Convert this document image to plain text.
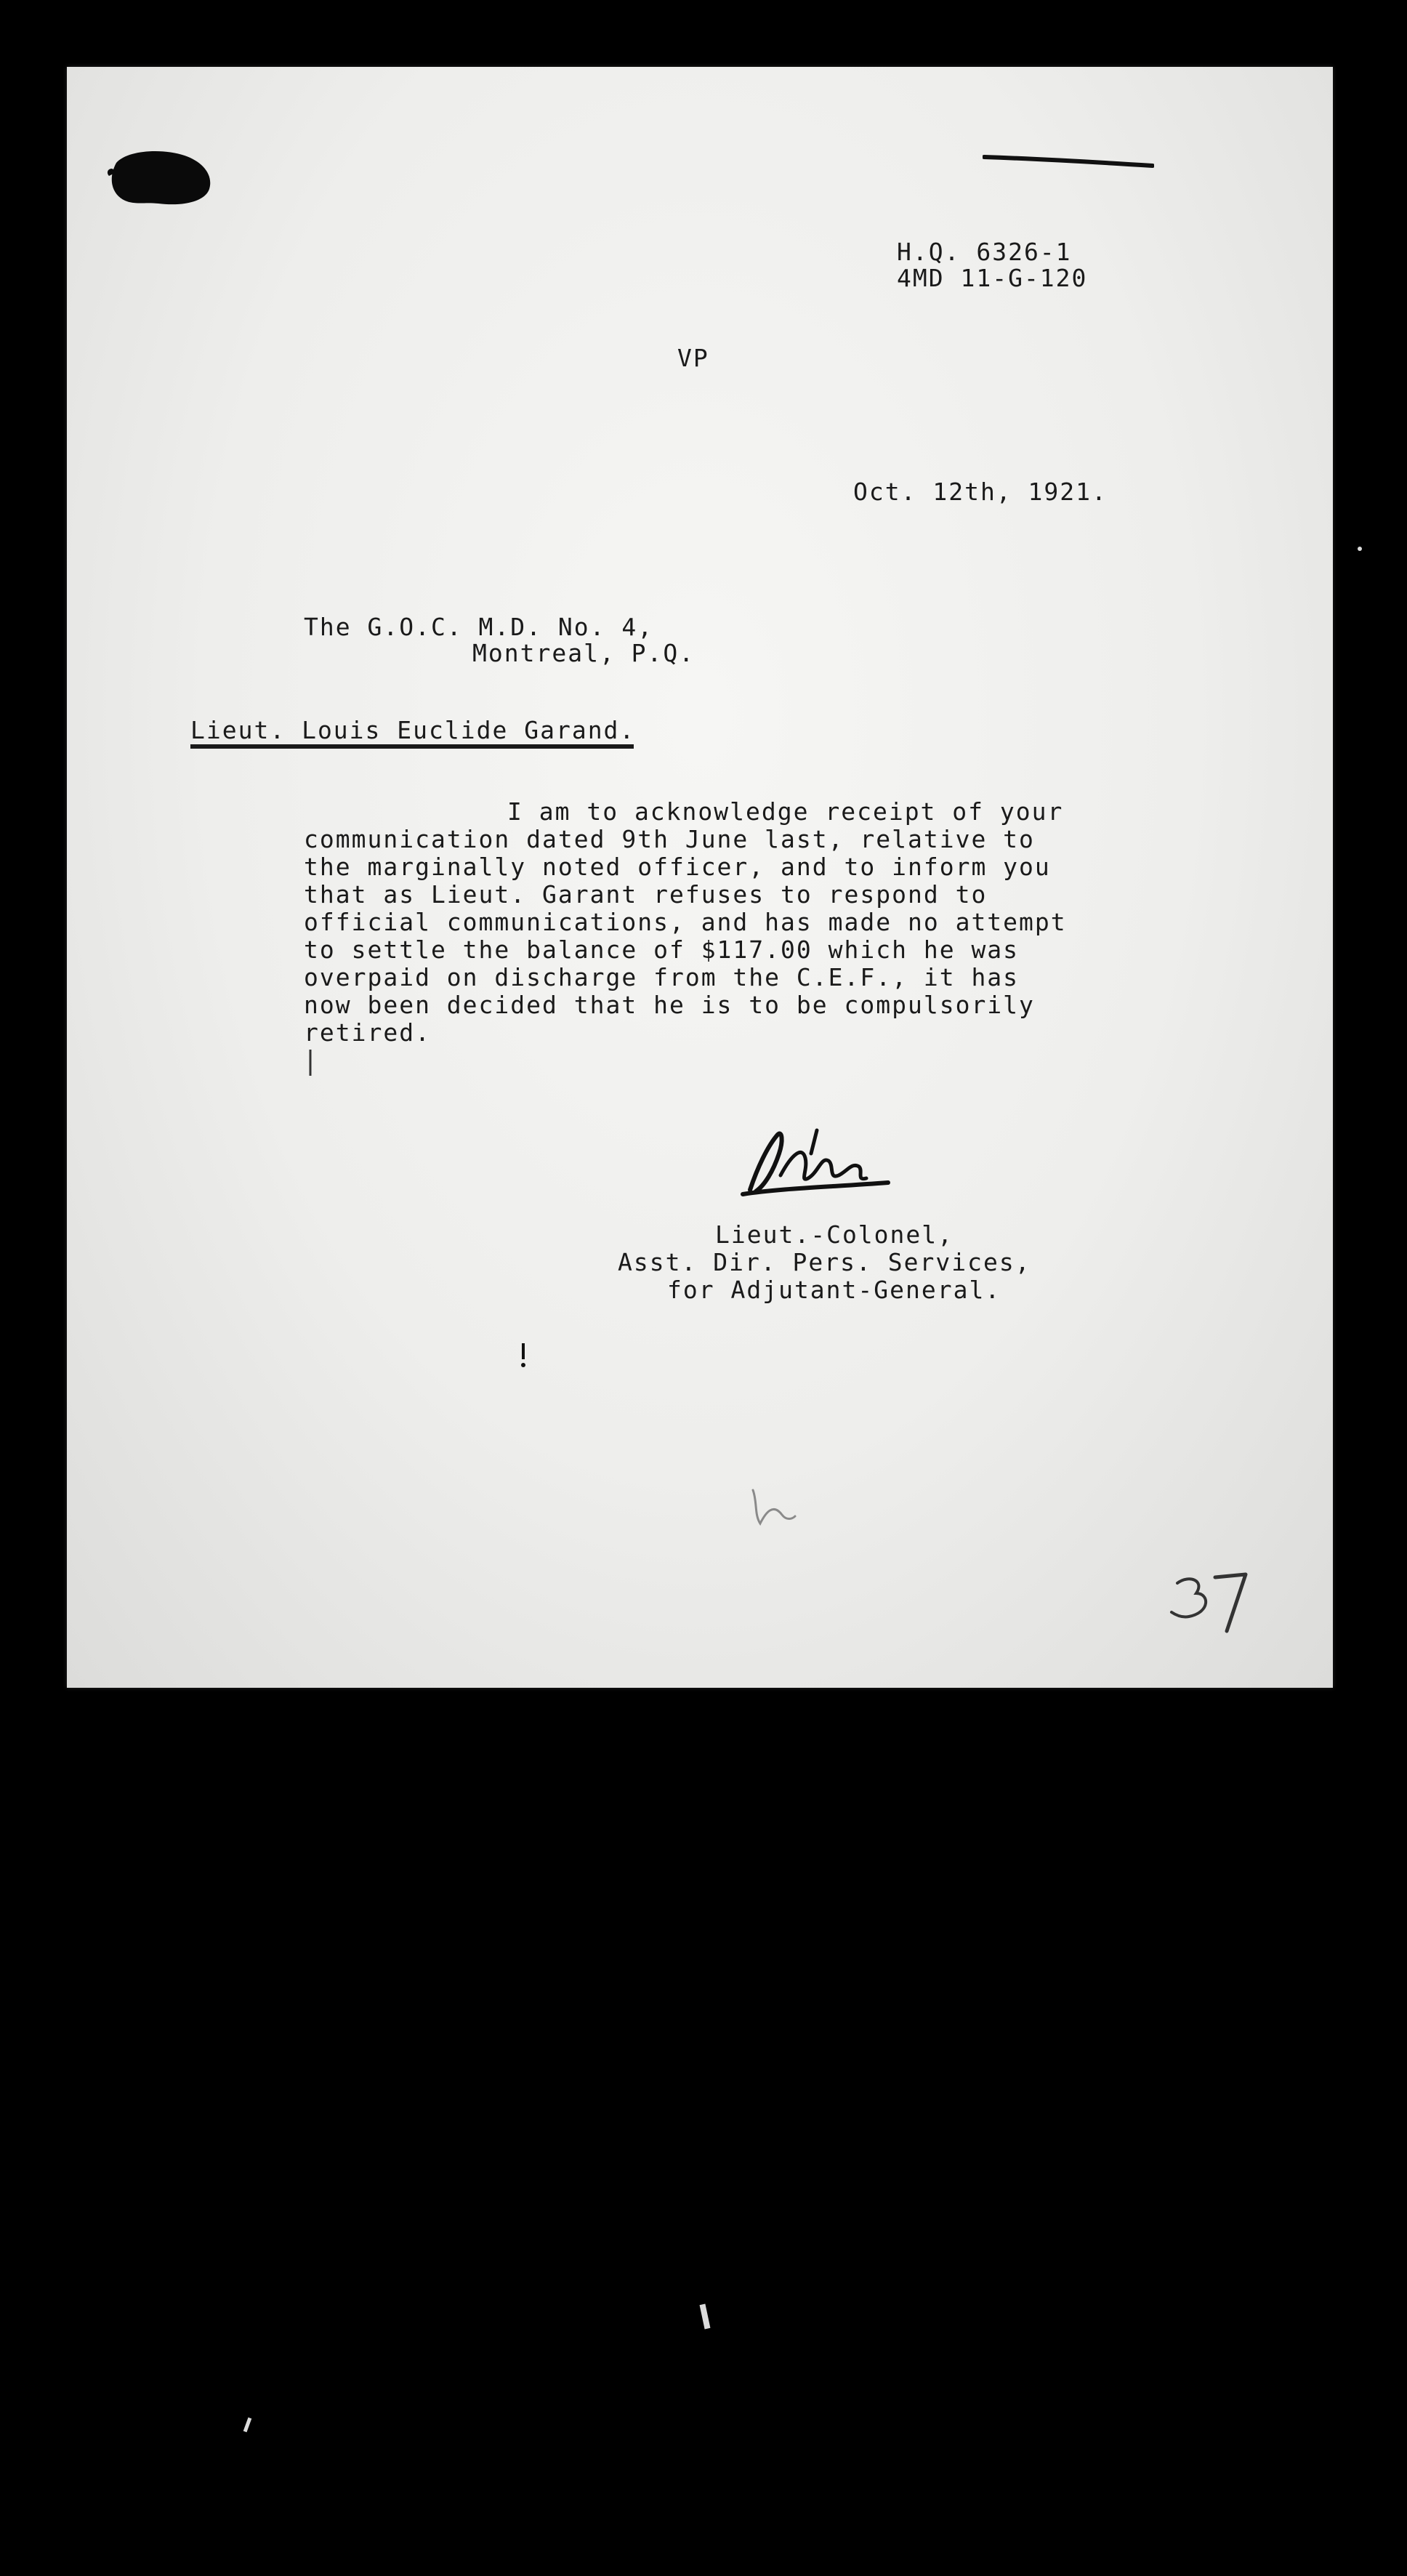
H.Q. 6326-1
4MD 11-G-120
VP
Oct. 12th, 1921.
The G.O.C. M.D. No. 4,
Montreal, P.Q.
Lieut. Louis Euclide Garand.
I am to acknowledge receipt of your
communication dated 9th June last, relative to
the marginally noted officer, and to inform you
that as Lieut. Garant refuses to respond to
official communications, and has made no attempt
to settle the balance of $117.00 which he was
overpaid on discharge from the C.E.F., it has
now been decided that he is to be compulsorily
retired.
Lieut.-Colonel,
Asst. Dir. Pers. Services,
for Adjutant-General.
